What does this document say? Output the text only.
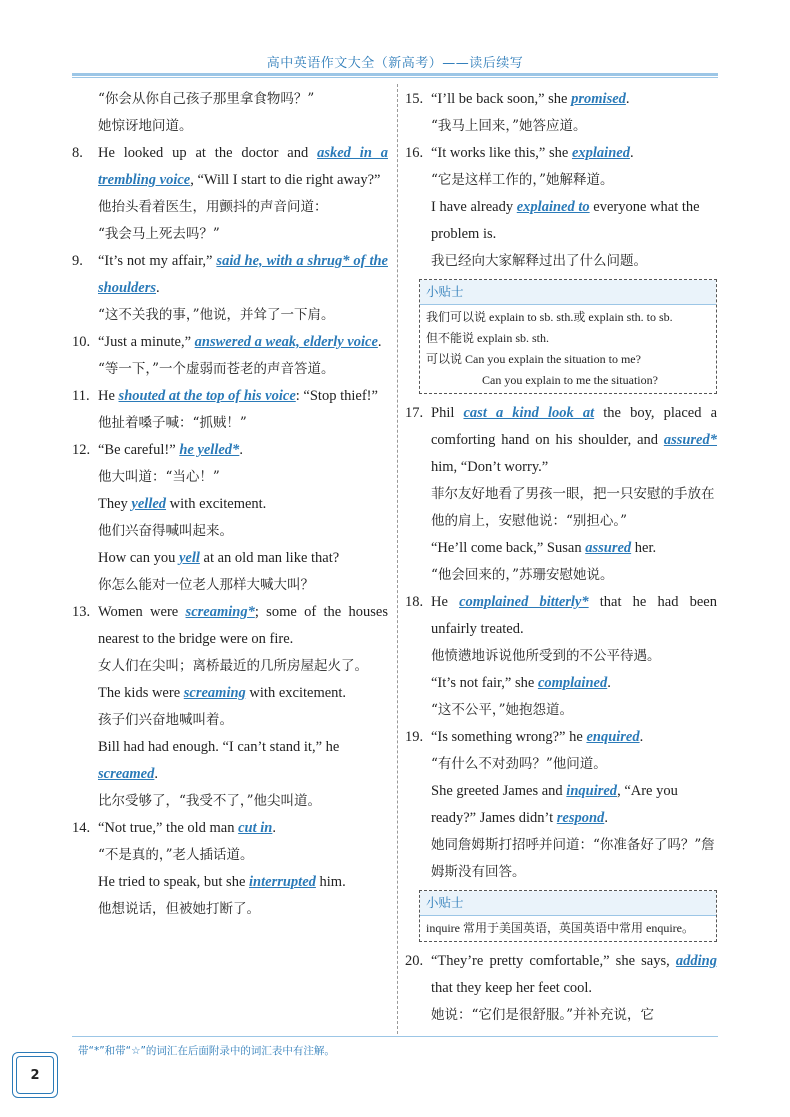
高中英语作文大全（新高考）——读后续写
“你会从你自己孩子那里拿食物吗？”
她惊讶地问道。
8. He looked up at the doctor and asked in a trembling voice, “Will I start to die right away?”
他抬头看着医生，用颤抖的声音问道：
“我会马上死去吗？”
9. “It’s not my affair,” said he, with a shrug* of the shoulders.
“这不关我的事，”他说，并耸了一下肩。
10. “Just a minute,” answered a weak, elderly voice.
“等一下，”一个虚弱而苍老的声音答道。
11. He shouted at the top of his voice: “Stop thief!”
他扯着嗓子喊：“抓贼！”
12. “Be careful!” he yelled*.
他大叫道：“当心！”
They yelled with excitement.
他们兴奋得喊叫起来。
How can you yell at an old man like that?
你怎么能对一位老人那样大喊大叫？
13. Women were screaming*; some of the houses nearest to the bridge were on fire.
女人们在尖叫；离桥最近的几所房屋起火了。
The kids were screaming with excitement.
孩子们兴奋地喊叫着。
Bill had had enough. “I can’t stand it,” he screamed.
比尔受够了，“我受不了，”他尖叫道。
14. “Not true,” the old man cut in.
“不是真的，”老人插话道。
He tried to speak, but she interrupted him.
他想说话，但被她打断了。
15. “I’ll be back soon,” she promised.
“我马上回来，”她答应道。
16. “It works like this,” she explained.
“它是这样工作的，”她解释道。
I have already explained to everyone what the problem is.
我已经向大家解释过出了什么问题。
小贴士
我们可以说 explain to sb. sth.或 explain sth. to sb.
但不能说 explain sb. sth.
可以说 Can you explain the situation to me?
Can you explain to me the situation?
17. Phil cast a kind look at the boy, placed a comforting hand on his shoulder, and assured* him, “Don’t worry.”
菲尔友好地看了男孩一眼，把一只安慰的手放在他的肩上，安慰他说：“别担心。”
“He’ll come back,” Susan assured her.
“他会回来的，”苏珊安慰她说。
18. He complained bitterly* that he had been unfairly treated.
他愤懑地诉说他所受到的不公平待遇。
“It’s not fair,” she complained.
“这不公平，”她抱怨道。
19. “Is something wrong?” he enquired.
“有什么不对劲吗？”他问道。
She greeted James and inquired, “Are you ready?” James didn’t respond.
她同詹姆斯打招呼并问道：“你准备好了吗？”詹姆斯没有回答。
小贴士
inquire 常用于美国英语，英国英语中常用 enquire。
20. “They’re pretty comfortable,” she says, adding that they keep her feet cool.
她说：“它们是很舒服。”并补充说，它
带“*”和带“☆”的词汇在后面附录中的词汇表中有注解。
2
